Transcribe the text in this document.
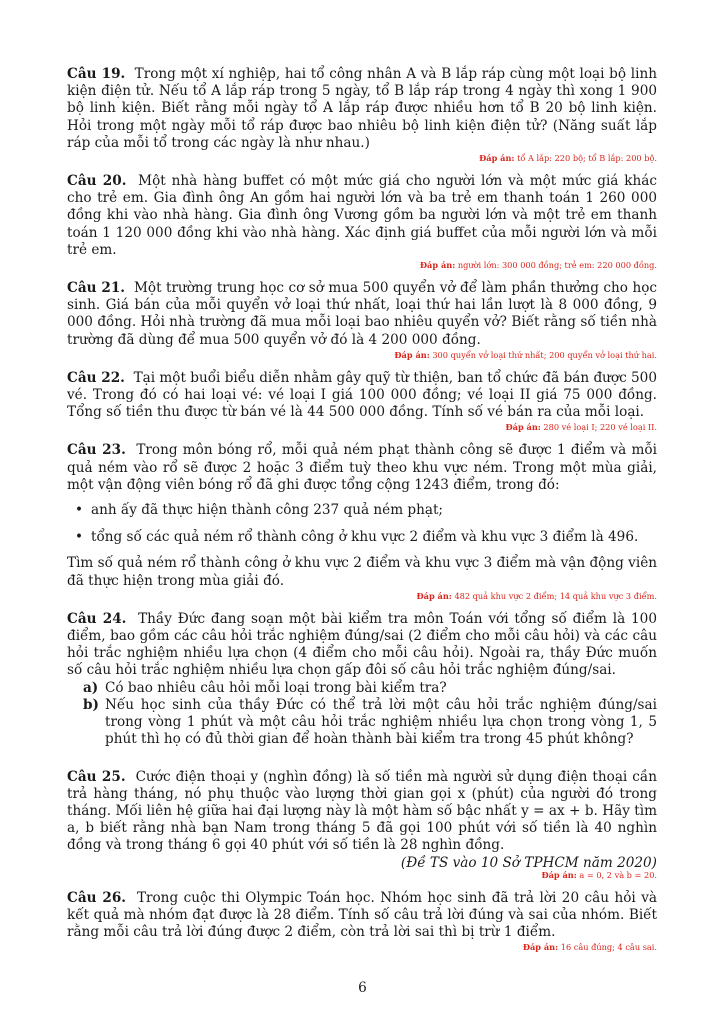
Câu 19. Trong một xí nghiệp, hai tổ công nhân A và B lắp ráp cùng một loại bộ linh kiện điện tử. Nếu tổ A lắp ráp trong 5 ngày, tổ B lắp ráp trong 4 ngày thì xong 1 900 bộ linh kiện. Biết rằng mỗi ngày tổ A lắp ráp được nhiều hơn tổ B 20 bộ linh kiện. Hỏi trong một ngày mỗi tổ ráp được bao nhiêu bộ linh kiện điện tử? (Năng suất lắp ráp của mỗi tổ trong các ngày là như nhau.)
Đáp án: tổ A lắp: 220 bộ; tổ B lắp: 200 bộ.
Câu 20. Một nhà hàng buffet có một mức giá cho người lớn và một mức giá khác cho trẻ em. Gia đình ông An gồm hai người lớn và ba trẻ em thanh toán 1 260 000 đồng khi vào nhà hàng. Gia đình ông Vương gồm ba người lớn và một trẻ em thanh toán 1 120 000 đồng khi vào nhà hàng. Xác định giá buffet của mỗi người lớn và mỗi trẻ em.
Đáp án: người lớn: 300 000 đồng; trẻ em: 220 000 đồng.
Câu 21. Một trường trung học cơ sở mua 500 quyển vở để làm phần thưởng cho học sinh. Giá bán của mỗi quyển vở loại thứ nhất, loại thứ hai lần lượt là 8 000 đồng, 9 000 đồng. Hỏi nhà trường đã mua mỗi loại bao nhiêu quyển vở? Biết rằng số tiền nhà trường đã dùng để mua 500 quyển vở đó là 4 200 000 đồng.
Đáp án: 300 quyển vở loại thứ nhất; 200 quyển vở loại thứ hai.
Câu 22. Tại một buổi biểu diễn nhằm gây quỹ từ thiện, ban tổ chức đã bán được 500 vé. Trong đó có hai loại vé: vé loại I giá 100 000 đồng; vé loại II giá 75 000 đồng. Tổng số tiền thu được từ bán vé là 44 500 000 đồng. Tính số vé bán ra của mỗi loại.
Đáp án: 280 vé loại I; 220 vé loại II.
Câu 23. Trong môn bóng rổ, mỗi quả ném phạt thành công sẽ được 1 điểm và mỗi quả ném vào rổ sẽ được 2 hoặc 3 điểm tuỳ theo khu vực ném. Trong một mùa giải, một vận động viên bóng rổ đã ghi được tổng cộng 1243 điểm, trong đó:
• anh ấy đã thực hiện thành công 237 quả ném phạt;
• tổng số các quả ném rổ thành công ở khu vực 2 điểm và khu vực 3 điểm là 496.
Tìm số quả ném rổ thành công ở khu vực 2 điểm và khu vực 3 điểm mà vận động viên đã thực hiện trong mùa giải đó.
Đáp án: 482 quả khu vực 2 điểm; 14 quả khu vực 3 điểm.
Câu 24. Thầy Đức đang soạn một bài kiểm tra môn Toán với tổng số điểm là 100 điểm, bao gồm các câu hỏi trắc nghiệm đúng/sai (2 điểm cho mỗi câu hỏi) và các câu hỏi trắc nghiệm nhiều lựa chọn (4 điểm cho mỗi câu hỏi). Ngoài ra, thầy Đức muốn số câu hỏi trắc nghiệm nhiều lựa chọn gấp đôi số câu hỏi trắc nghiệm đúng/sai.
a) Có bao nhiêu câu hỏi mỗi loại trong bài kiểm tra?
b) Nếu học sinh của thầy Đức có thể trả lời một câu hỏi trắc nghiệm đúng/sai trong vòng 1 phút và một câu hỏi trắc nghiệm nhiều lựa chọn trong vòng 1, 5 phút thì họ có đủ thời gian để hoàn thành bài kiểm tra trong 45 phút không?
Câu 25. Cước điện thoại y (nghìn đồng) là số tiền mà người sử dụng điện thoại cần trả hàng tháng, nó phụ thuộc vào lượng thời gian gọi x (phút) của người đó trong tháng. Mối liên hệ giữa hai đại lượng này là một hàm số bậc nhất y = ax + b. Hãy tìm a, b biết rằng nhà bạn Nam trong tháng 5 đã gọi 100 phút với số tiền là 40 nghìn đồng và trong tháng 6 gọi 40 phút với số tiền là 28 nghìn đồng.
(Đề TS vào 10 Sở TPHCM năm 2020)
Đáp án: a = 0, 2 và b = 20.
Câu 26. Trong cuộc thi Olympic Toán học. Nhóm học sinh đã trả lời 20 câu hỏi và kết quả mà nhóm đạt được là 28 điểm. Tính số câu trả lời đúng và sai của nhóm. Biết rằng mỗi câu trả lời đúng được 2 điểm, còn trả lời sai thì bị trừ 1 điểm.
Đáp án: 16 câu đúng; 4 câu sai.
6
